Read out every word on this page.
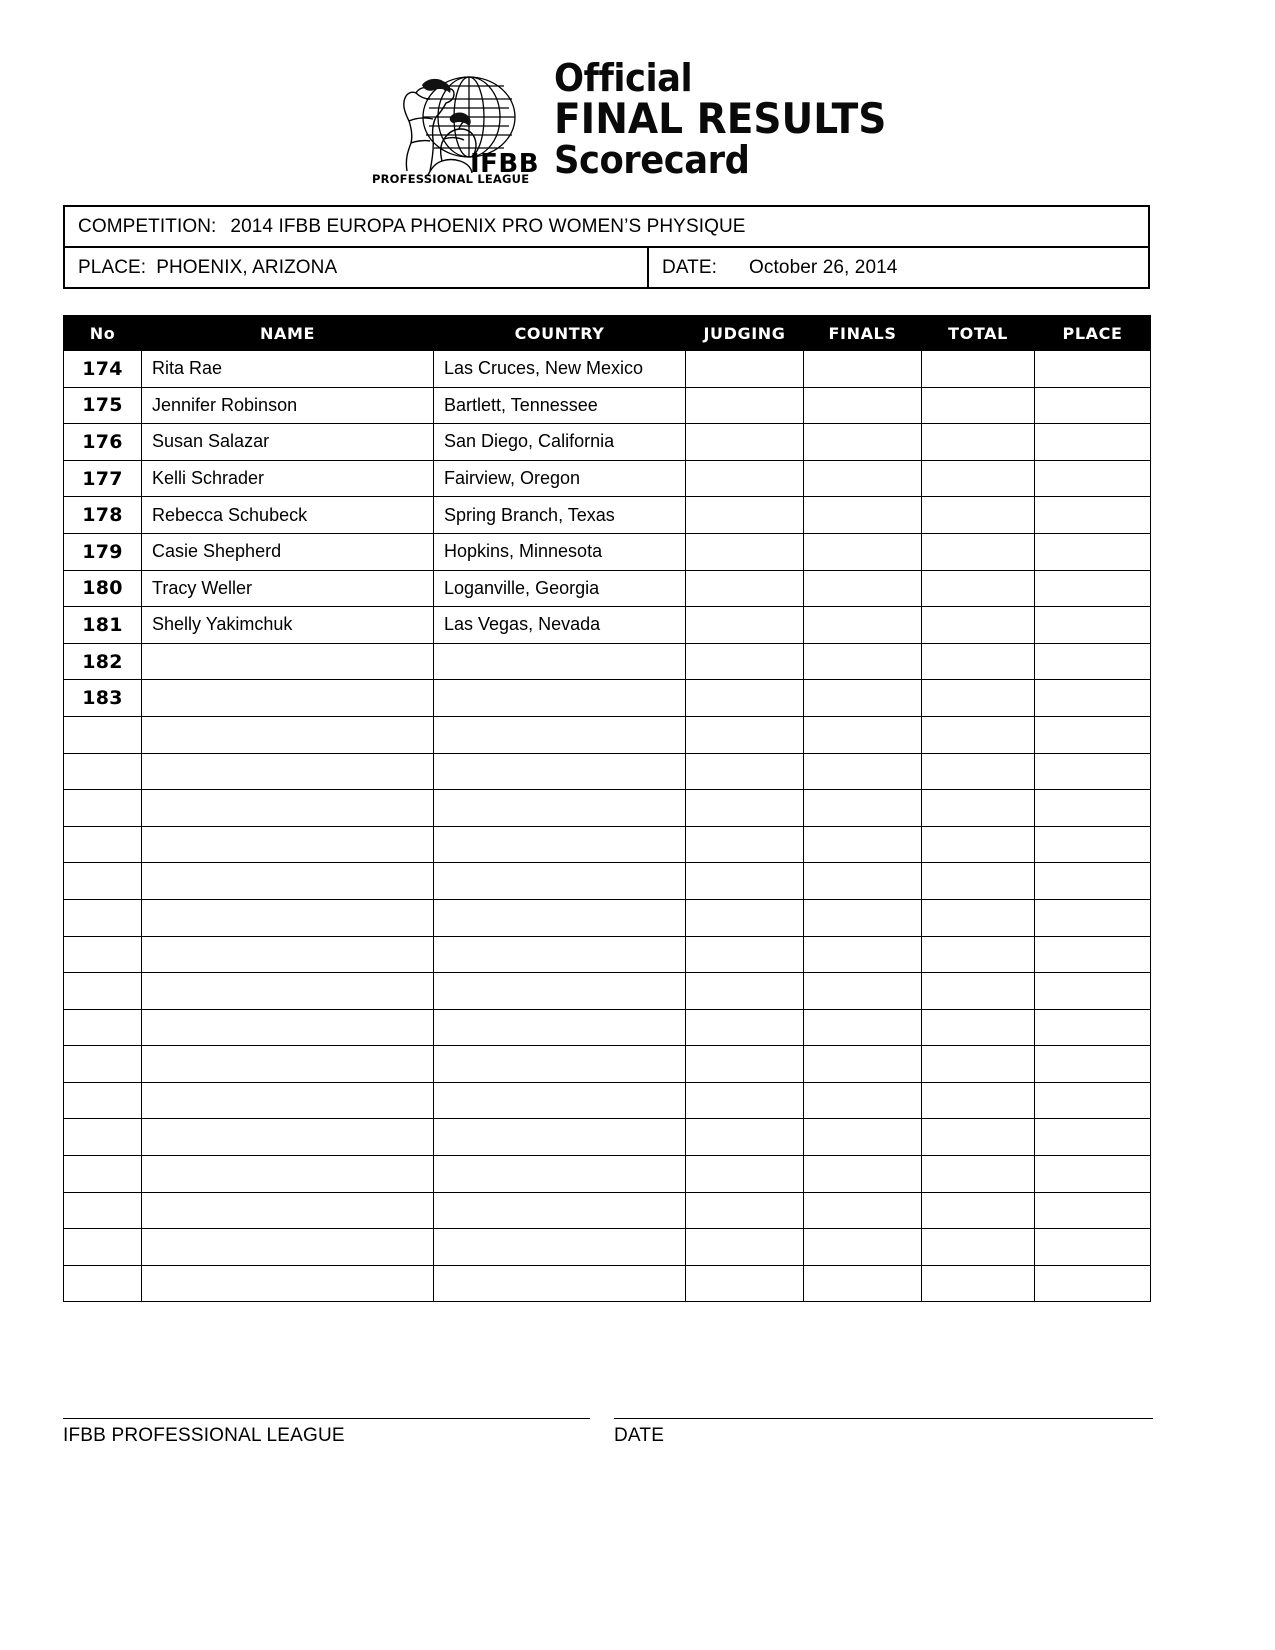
IFBB
PROFESSIONAL LEAGUE
Official
FINAL RESULTS
Scorecard
COMPETITION: 2014 IFBB EUROPA PHOENIX PRO WOMEN’S PHYSIQUE
PLACE: PHOENIX, ARIZONA	DATE: October 26, 2014
No	NAME	COUNTRY	JUDGING	FINALS	TOTAL	PLACE
174	Rita Rae	Las Cruces, New Mexico				
175	Jennifer Robinson	Bartlett, Tennessee				
176	Susan Salazar	San Diego, California				
177	Kelli Schrader	Fairview, Oregon				
178	Rebecca Schubeck	Spring Branch, Texas				
179	Casie Shepherd	Hopkins, Minnesota				
180	Tracy Weller	Loganville, Georgia				
181	Shelly Yakimchuk	Las Vegas, Nevada				
182						
183						

IFBB PROFESSIONAL LEAGUE	DATE
